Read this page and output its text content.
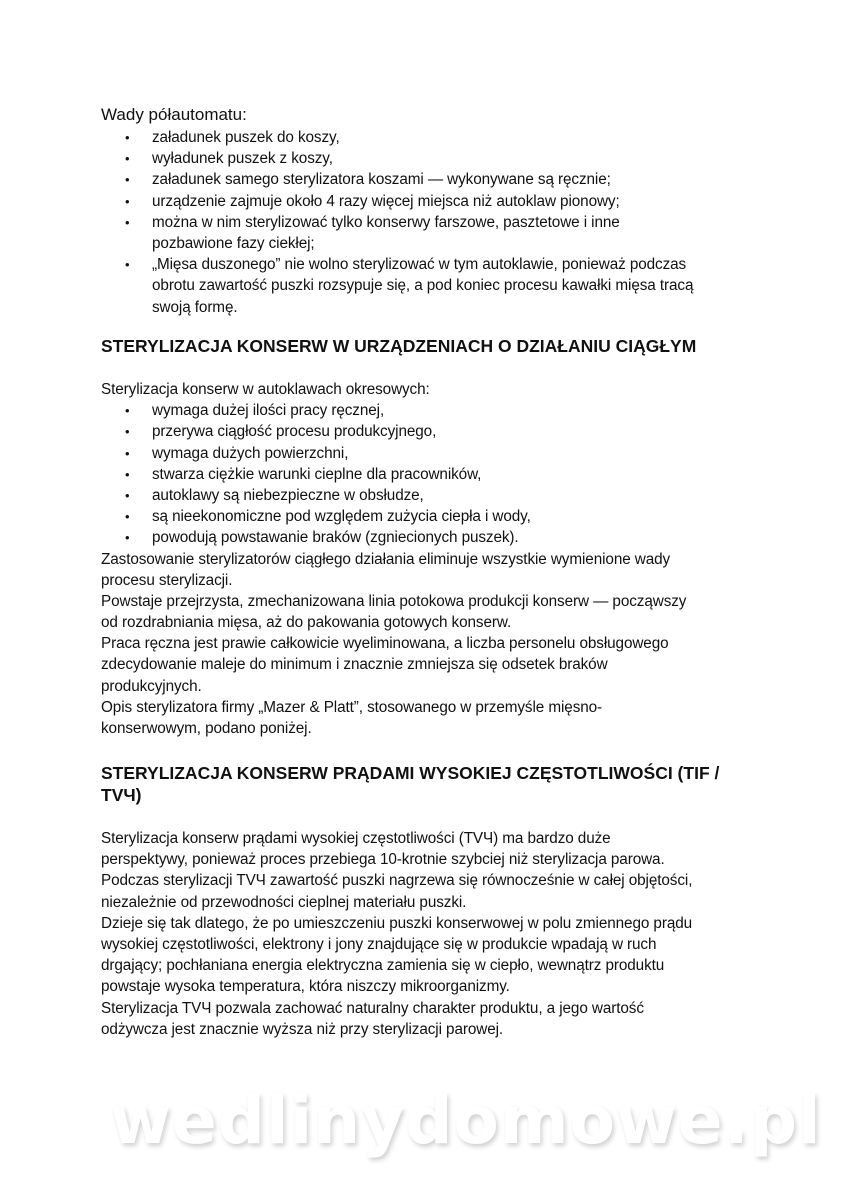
Wady półautomatu:
• załadunek puszek do koszy,
• wyładunek puszek z koszy,
• załadunek samego sterylizatora koszami — wykonywane są ręcznie;
• urządzenie zajmuje około 4 razy więcej miejsca niż autoklaw pionowy;
• można w nim sterylizować tylko konserwy farszowe, pasztetowe i inne
pozbawione fazy ciekłej;
• „Mięsa duszonego” nie wolno sterylizować w tym autoklawie, ponieważ podczas
obrotu zawartość puszki rozsypuje się, a pod koniec procesu kawałki mięsa tracą
swoją formę.
STERYLIZACJA KONSERW W URZĄDZENIACH O DZIAŁANIU CIĄGŁYM
Sterylizacja konserw w autoklawach okresowych:
• wymaga dużej ilości pracy ręcznej,
• przerywa ciągłość procesu produkcyjnego,
• wymaga dużych powierzchni,
• stwarza ciężkie warunki cieplne dla pracowników,
• autoklawy są niebezpieczne w obsłudze,
• są nieekonomiczne pod względem zużycia ciepła i wody,
• powodują powstawanie braków (zgniecionych puszek).
Zastosowanie sterylizatorów ciągłego działania eliminuje wszystkie wymienione wady
procesu sterylizacji.
Powstaje przejrzysta, zmechanizowana linia potokowa produkcji konserw — począwszy
od rozdrabniania mięsa, aż do pakowania gotowych konserw.
Praca ręczna jest prawie całkowicie wyeliminowana, a liczba personelu obsługowego
zdecydowanie maleje do minimum i znacznie zmniejsza się odsetek braków
produkcyjnych.
Opis sterylizatora firmy „Mazer & Platt”, stosowanego w przemyśle mięsno-
konserwowym, podano poniżej.
STERYLIZACJA KONSERW PRĄDAMI WYSOKIEJ CZĘSTOTLIWOŚCI (TIF /
TVЧ)
Sterylizacja konserw prądami wysokiej częstotliwości (TVЧ) ma bardzo duże
perspektywy, ponieważ proces przebiega 10-krotnie szybciej niż sterylizacja parowa.
Podczas sterylizacji TVЧ zawartość puszki nagrzewa się równocześnie w całej objętości,
niezależnie od przewodności cieplnej materiału puszki.
Dzieje się tak dlatego, że po umieszczeniu puszki konserwowej w polu zmiennego prądu
wysokiej częstotliwości, elektrony i jony znajdujące się w produkcie wpadają w ruch
drgający; pochłaniana energia elektryczna zamienia się w ciepło, wewnątrz produktu
powstaje wysoka temperatura, która niszczy mikroorganizmy.
Sterylizacja TVЧ pozwala zachować naturalny charakter produktu, a jego wartość
odżywcza jest znacznie wyższa niż przy sterylizacji parowej.
wedlinydomowe.pl
